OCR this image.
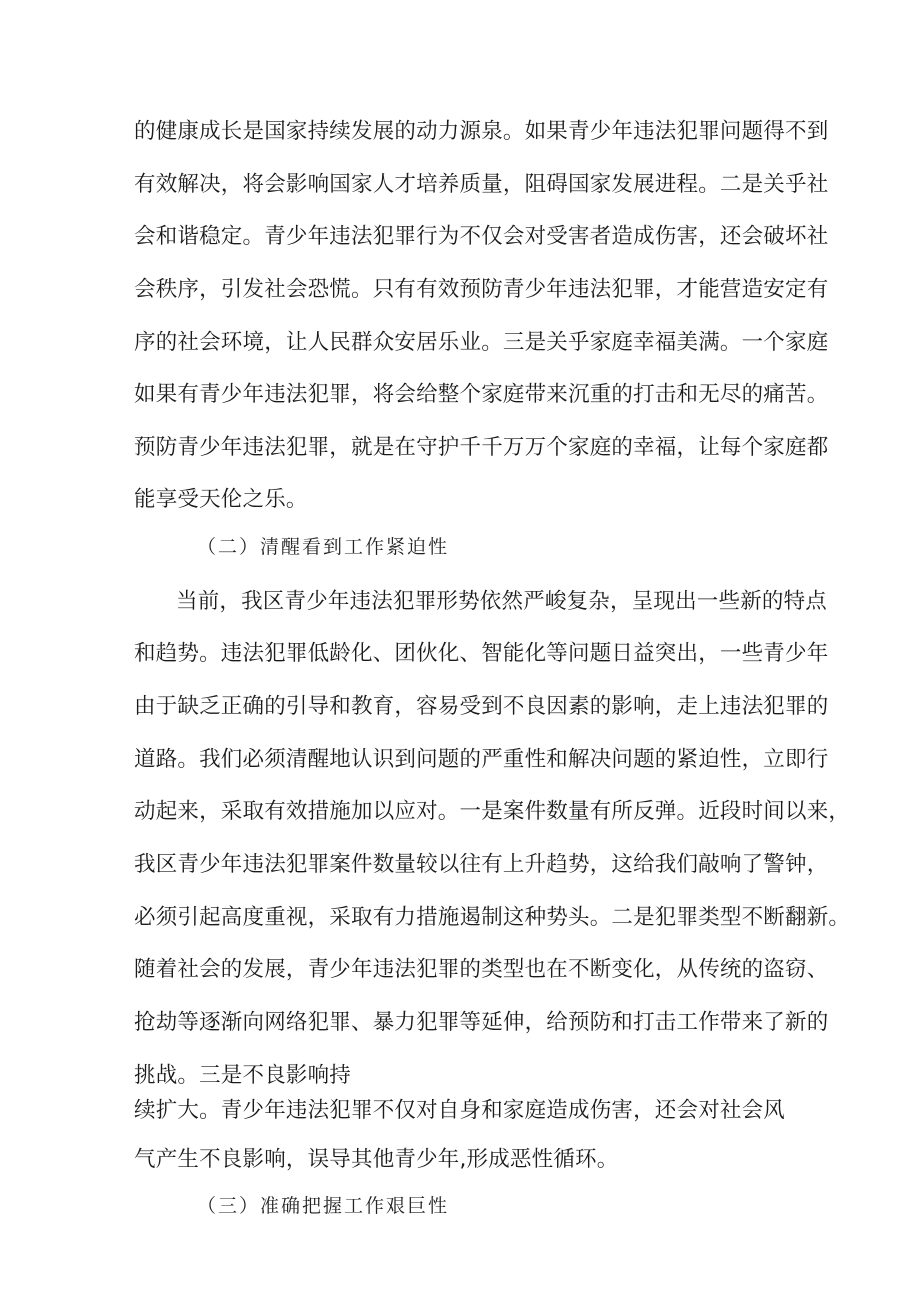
的健康成长是国家持续发展的动力源泉。如果青少年违法犯罪问题得不到
有效解决，将会影响国家人才培养质量，阻碍国家发展进程。二是关乎社
会和谐稳定。青少年违法犯罪行为不仅会对受害者造成伤害，还会破坏社
会秩序，引发社会恐慌。只有有效预防青少年违法犯罪，才能营造安定有
序的社会环境，让人民群众安居乐业。三是关乎家庭幸福美满。一个家庭
如果有青少年违法犯罪，将会给整个家庭带来沉重的打击和无尽的痛苦。
预防青少年违法犯罪，就是在守护千千万万个家庭的幸福，让每个家庭都
能享受天伦之乐。
（二）清醒看到工作紧迫性
当前，我区青少年违法犯罪形势依然严峻复杂，呈现出一些新的特点
和趋势。违法犯罪低龄化、团伙化、智能化等问题日益突出，一些青少年
由于缺乏正确的引导和教育，容易受到不良因素的影响，走上违法犯罪的
道路。我们必须清醒地认识到问题的严重性和解决问题的紧迫性，立即行
动起来，采取有效措施加以应对。一是案件数量有所反弹。近段时间以来，
我区青少年违法犯罪案件数量较以往有上升趋势，这给我们敲响了警钟，
必须引起高度重视，采取有力措施遏制这种势头。二是犯罪类型不断翻新。
随着社会的发展，青少年违法犯罪的类型也在不断变化，从传统的盗窃、
抢劫等逐渐向网络犯罪、暴力犯罪等延伸，给预防和打击工作带来了新的
挑战。三是不良影响持
续扩大。青少年违法犯罪不仅对自身和家庭造成伤害，还会对社会风
气产生不良影响，误导其他青少年,形成恶性循环。
（三）准确把握工作艰巨性
